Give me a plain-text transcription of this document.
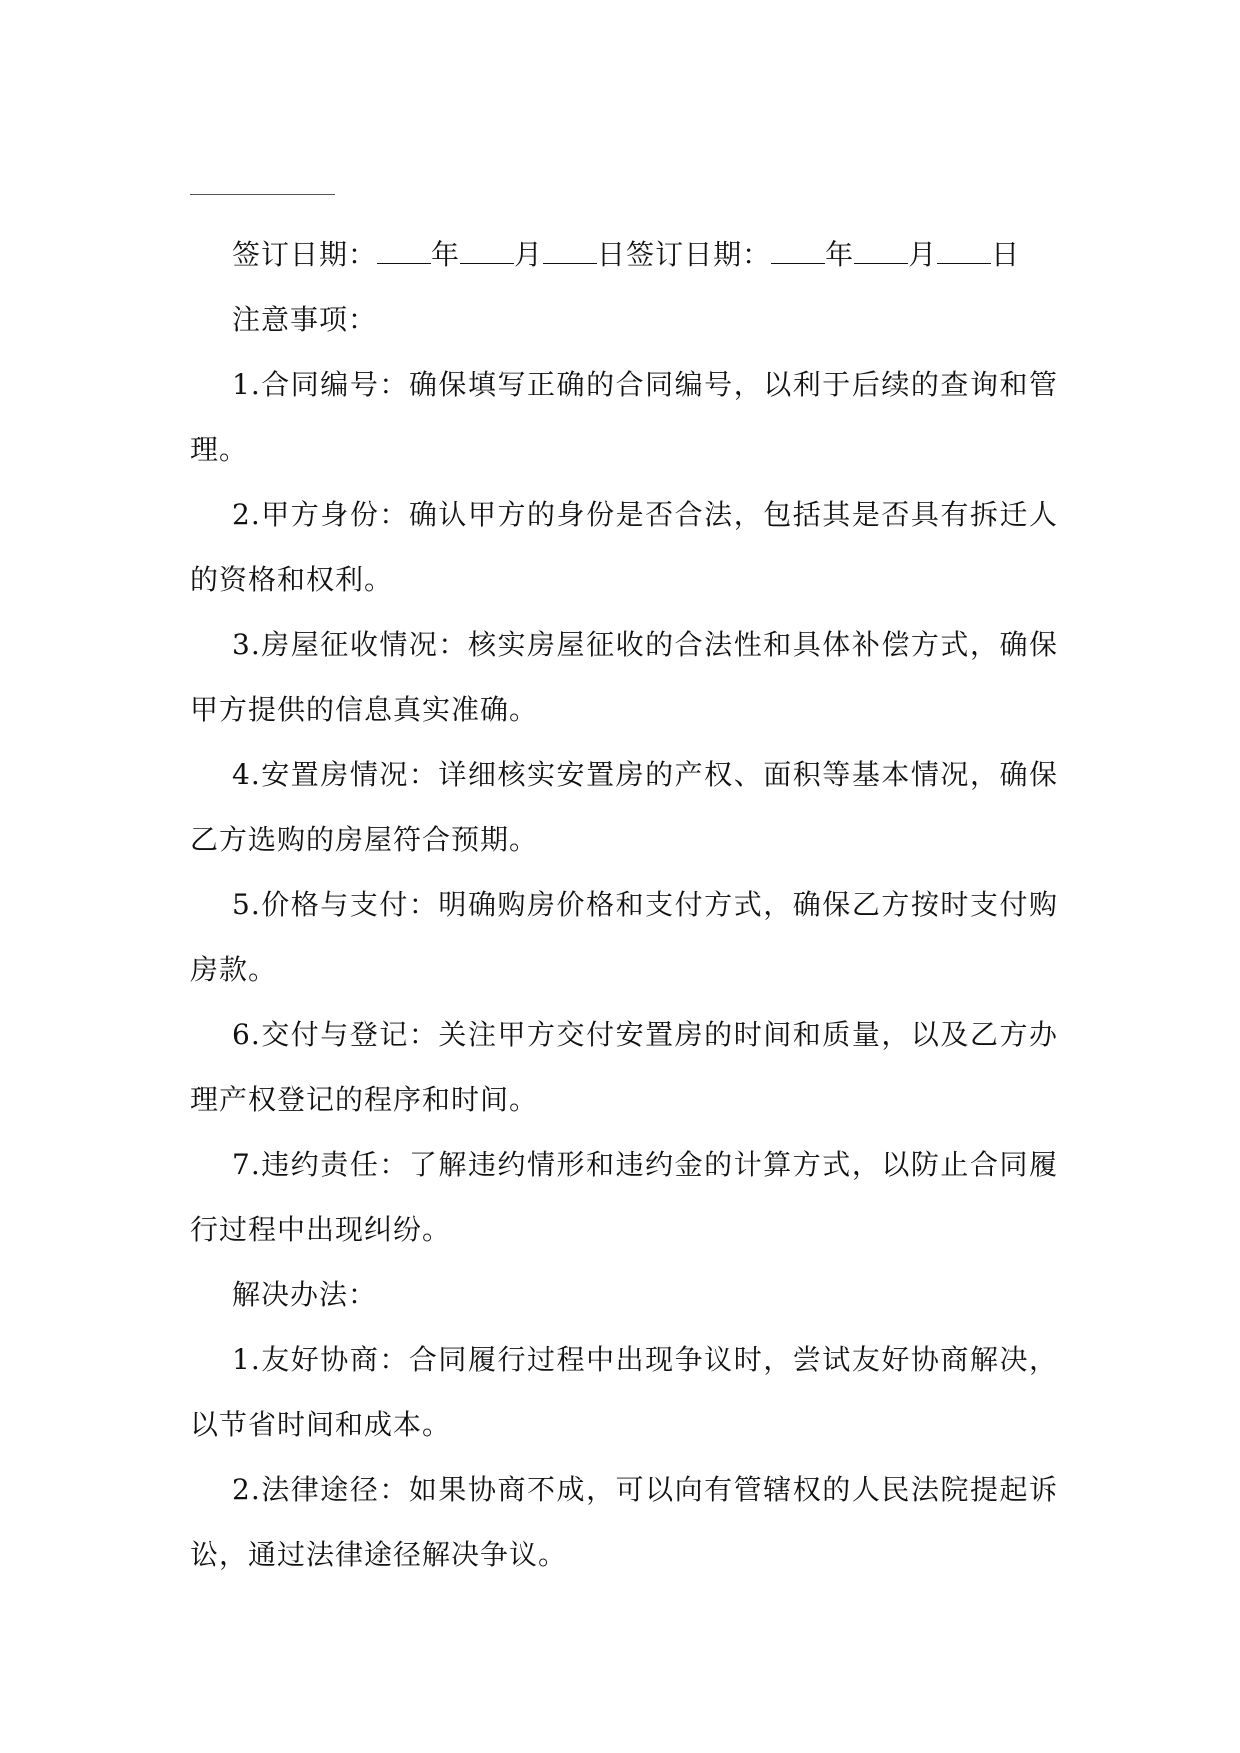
签订日期： 年 月 日签订日期： 年 月 日

注意事项：

1.合同编号：确保填写正确的合同编号，以利于后续的查询和管理。

2.甲方身份：确认甲方的身份是否合法，包括其是否具有拆迁人的资格和权利。

3.房屋征收情况：核实房屋征收的合法性和具体补偿方式，确保甲方提供的信息真实准确。

4.安置房情况：详细核实安置房的产权、面积等基本情况，确保乙方选购的房屋符合预期。

5.价格与支付：明确购房价格和支付方式，确保乙方按时支付购房款。

6.交付与登记：关注甲方交付安置房的时间和质量，以及乙方办理产权登记的程序和时间。

7.违约责任：了解违约情形和违约金的计算方式，以防止合同履行过程中出现纠纷。

解决办法：

1.友好协商：合同履行过程中出现争议时，尝试友好协商解决，以节省时间和成本。

2.法律途径：如果协商不成，可以向有管辖权的人民法院提起诉讼，通过法律途径解决争议。
